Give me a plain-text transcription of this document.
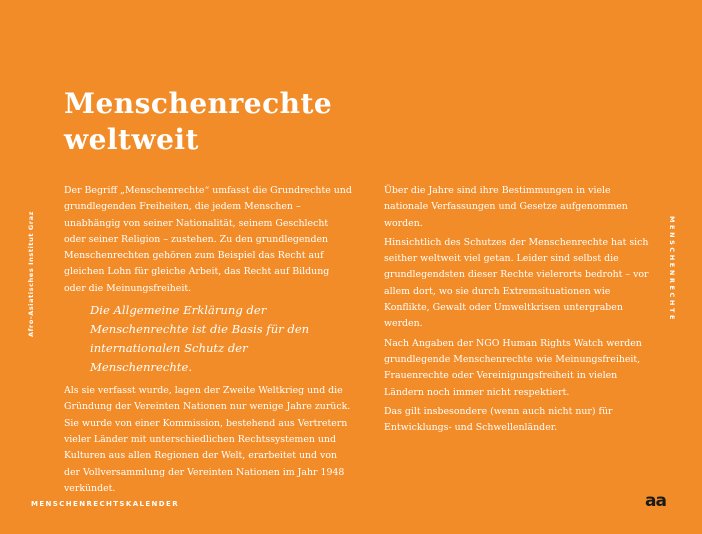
Menschenrechte
weltweit

Der Begriff „Menschenrechte“ umfasst die Grundrechte und grundlegenden Freiheiten, die jedem Menschen – unabhängig von seiner Nationalität, seinem Geschlecht oder seiner Religion – zustehen. Zu den grundlegenden Menschenrechten gehören zum Beispiel das Recht auf gleichen Lohn für gleiche Arbeit, das Recht auf Bildung oder die Meinungsfreiheit.

Die Allgemeine Erklärung der Menschenrechte ist die Basis für den internationalen Schutz der Menschenrechte.

Als sie verfasst wurde, lagen der Zweite Weltkrieg und die Gründung der Vereinten Nationen nur wenige Jahre zurück. Sie wurde von einer Kommission, bestehend aus Vertretern vieler Länder mit unterschiedlichen Rechtssystemen und Kulturen aus allen Regionen der Welt, erarbeitet und von der Vollversammlung der Vereinten Nationen im Jahr 1948 verkündet.

Über die Jahre sind ihre Bestimmungen in viele nationale Verfassungen und Gesetze aufgenommen worden.

Hinsichtlich des Schutzes der Menschenrechte hat sich seither weltweit viel getan. Leider sind selbst die grundlegendsten dieser Rechte vielerorts bedroht – vor allem dort, wo sie durch Extremsituationen wie Konflikte, Gewalt oder Umweltkrisen untergraben werden.

Nach Angaben der NGO Human Rights Watch werden grundlegende Menschenrechte wie Meinungsfreiheit, Frauenrechte oder Vereinigungsfreiheit in vielen Ländern noch immer nicht respektiert.

Das gilt insbesondere (wenn auch nicht nur) für Entwicklungs- und Schwellenländer.

Afro-Asiatisches Institut Graz	MENSCHENRECHTE
MENSCHENRECHTSKALENDER	aa
